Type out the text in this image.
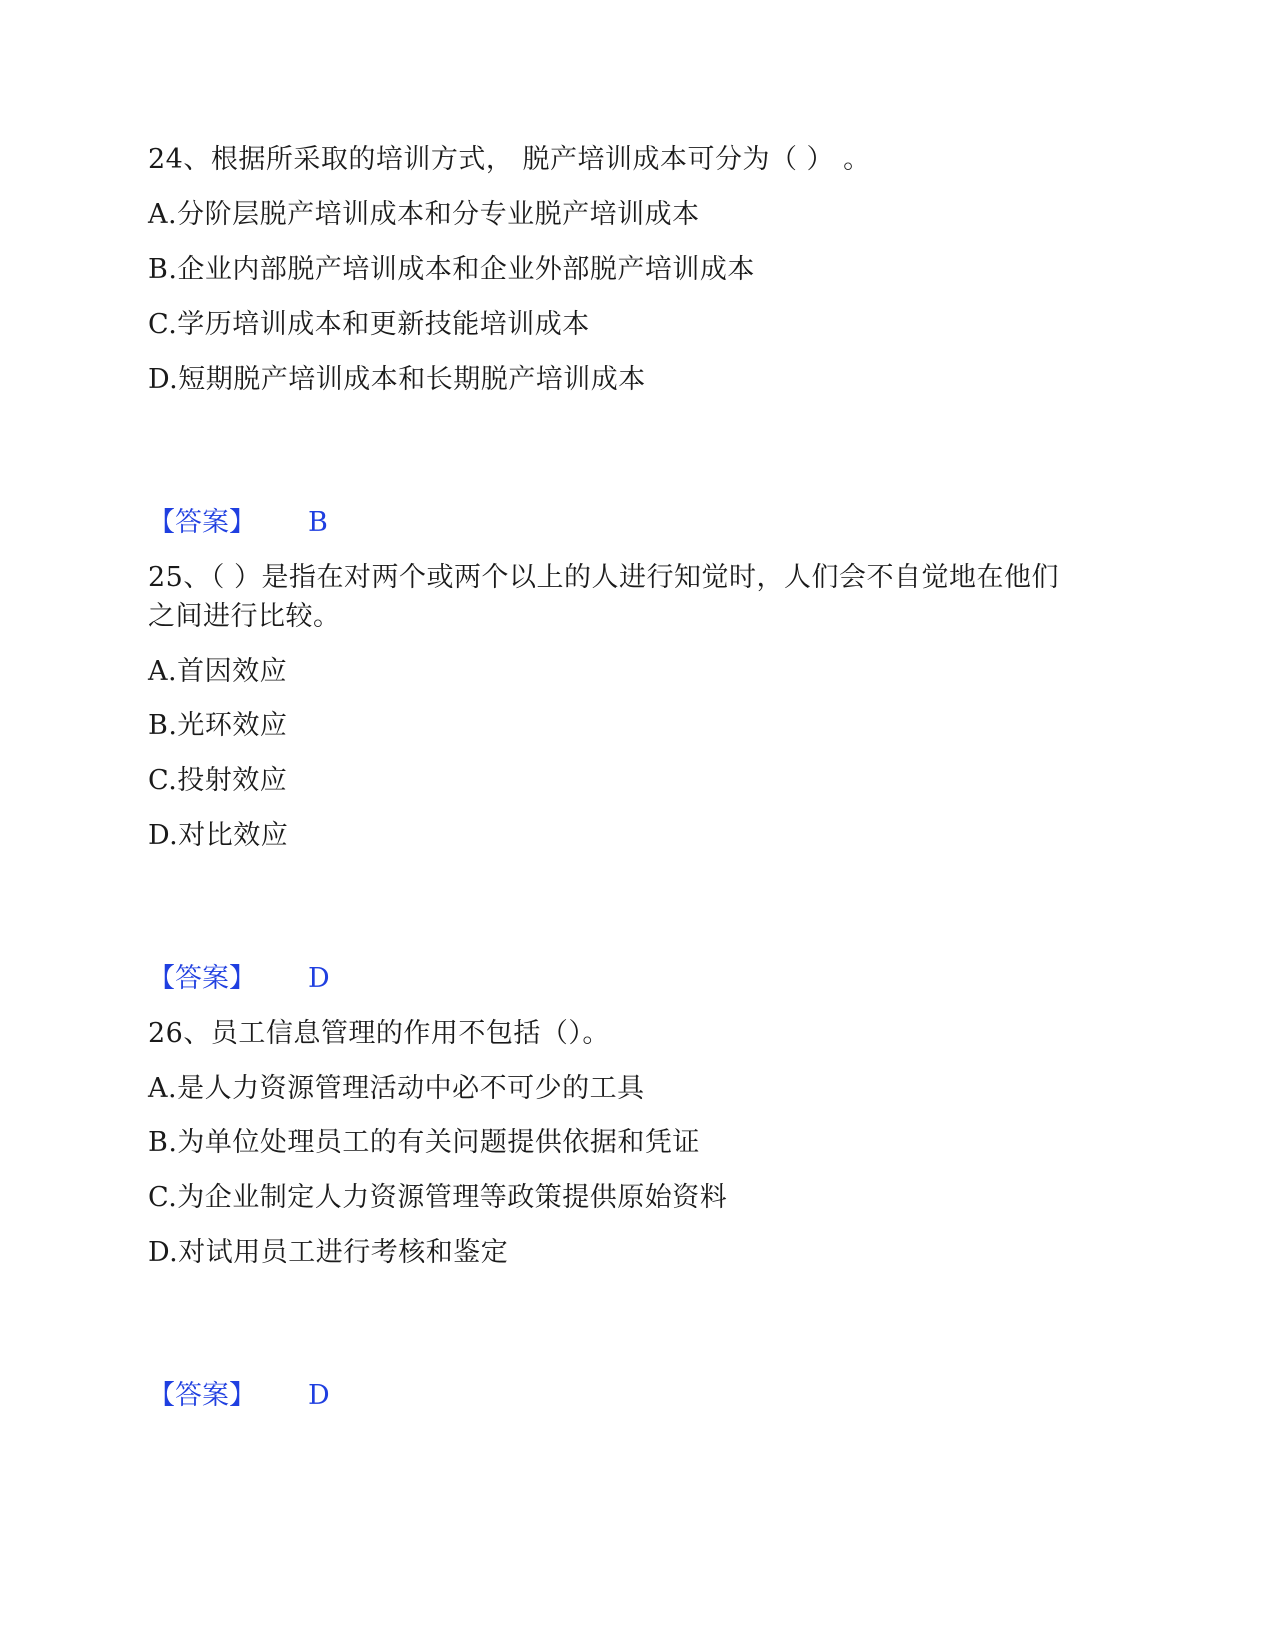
24、根据所采取的培训方式， 脱产培训成本可分为（ ） 。
A.分阶层脱产培训成本和分专业脱产培训成本
B.企业内部脱产培训成本和企业外部脱产培训成本
C.学历培训成本和更新技能培训成本
D.短期脱产培训成本和长期脱产培训成本
【答案】 B
25、（ ）是指在对两个或两个以上的人进行知觉时，人们会不自觉地在他们
之间进行比较。
A.首因效应
B.光环效应
C.投射效应
D.对比效应
【答案】 D
26、员工信息管理的作用不包括（）。
A.是人力资源管理活动中必不可少的工具
B.为单位处理员工的有关问题提供依据和凭证
C.为企业制定人力资源管理等政策提供原始资料
D.对试用员工进行考核和鉴定
【答案】 D
